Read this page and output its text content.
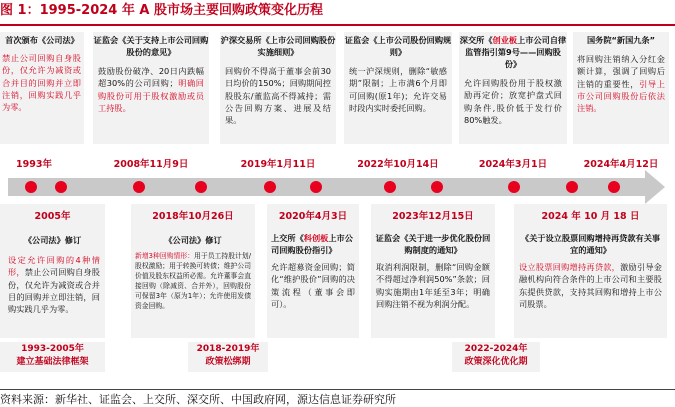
图 1：1995-2024 年 A 股市场主要回购政策变化历程
首次颁布《公司法》
禁止公司回购自身股份，仅允许为减资或合并目的回购并立即注销，回购实践几乎为零。
1993年
证监会《关于支持上市公司回购股份的意见》
鼓励股份破净、20日内跌幅超30%的公司回购；明确回购股份可用于股权激励或员工持股。
2008年11月9日
沪深交易所《上市公司回购股份实施细则》
回购价不得高于董事会前30日均价的150%；回购期间控股股东/董监高不得减持；需公告回购方案、进展及结果。
2019年1月11日
证监会《上市公司股份回购规则》
统一沪深规则，删除“敏感期”限制；上市满6个月即可回购(原1年)；允许交易时段内实时委托回购。
2022年10月14日
深交所《创业板上市公司自律监管指引第9号——回购股份》
允许回购股份用于股权激励再定价；放宽护盘式回购条件,股价低于发行价80%触发。
2024年3月1日
国务院“新国九条”
将回购注销纳入分红金额计算，强调了回购后注销的重要性，引导上市公司回购股份后依法注销。
2024年4月12日
2005年
《公司法》修订
设定允许回购的4种情形，禁止公司回购自身股份，仅允许为减资或合并目的回购并立即注销，回购实践几乎为零。
2018年10月26日
《公司法》修订
新增3种回购情形：用于员工持股计划/股权激励；用于转换可转债；维护公司价值及股东权益所必需。允许董事会直接回购（除减资、合并外），回购股份可保留3年（原为1年）；允许使用发债资金回购。
2020年4月3日
上交所《科创板上市公司回购股份指引》
允许超募资金回购；简化“维护股价”回购的决策流程（董事会即可）。
2023年12月15日
证监会《关于进一步优化股份回购制度的通知》
取消利润限制，删除“回购金额不得超过净利润50%”条款；回购实施期由1年延至3年；明确回购注销不视为利润分配。
2024 年 10 月 18 日
《关于设立股票回购增持再贷款有关事宜的通知》
设立股票回购增持再贷款，激励引导金融机构向符合条件的上市公司和主要股东提供贷款，支持其回购和增持上市公司股票。
1993-2005年
建立基础法律框架
2018-2019年
政策松绑期
2022-2024年
政策深化优化期
资料来源：新华社、证监会、上交所、深交所、中国政府网，源达信息证券研究所
